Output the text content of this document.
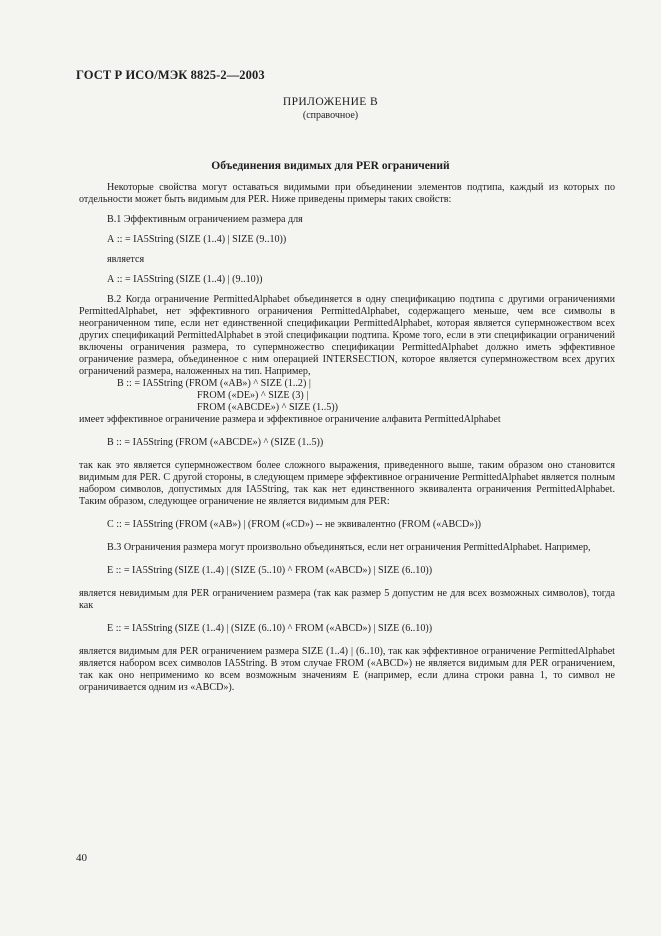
ГОСТ Р ИСО/МЭК 8825-2—2003
ПРИЛОЖЕНИЕ В
(справочное)
Объединения видимых для PER ограничений

Некоторые свойства могут оставаться видимыми при объединении элементов подтипа, каждый из которых по отдельности может быть видимым для PER. Ниже приведены примеры таких свойств:

В.1 Эффективным ограничением размера для

А :: = IA5String (SIZE (1..4) | SIZE (9..10))

является

А :: = IA5String (SIZE (1..4) | (9..10))

В.2 Когда ограничение PermittedAlphabet объединяется в одну спецификацию подтипа с другими ограничениями PermittedAlphabet, нет эффективного ограничения PermittedAlphabet, содержащего меньше, чем все символы в неограниченном типе, если нет единственной спецификации PermittedAlphabet, которая является супермножеством всех других спецификаций PermittedAlphabet в этой спецификации подтипа. Кроме того, если в эти спецификации ограничений включены ограничения размера, то супермножество спецификации PermittedAlphabet должно иметь эффективное ограничение размера, объединенное с ним операцией INTERSECTION, которое является супермножеством всех других ограничений размера, наложенных на тип. Например,

В :: = IA5String (FROM («АВ») ^ SIZE (1..2) |

FROM («DE») ^ SIZE (3) |

FROM («ABCDE») ^ SIZE (1..5))

имеет эффективное ограничение размера и эффективное ограничение алфавита PermittedAlphabet

В :: = IA5String (FROM («ABCDE») ^ (SIZE (1..5))

так как это является супермножеством более сложного выражения, приведенного выше, таким образом оно становится видимым для PER. С другой стороны, в следующем примере эффективное ограничение PermittedAlphabet является полным набором символов, допустимых для IA5String, так как нет единственного эквивалента ограничения PermittedAlphabet. Таким образом, следующее ограничение не является видимым для PER:

С :: = IA5String (FROM («АВ») | (FROM («CD») -- не эквивалентно (FROM («ABCD»))

В.3 Ограничения размера могут произвольно объединяться, если нет ограничения PermittedAlphabet. Например,

Е :: = IA5String (SIZE (1..4) | (SIZE (5..10) ^ FROM («ABCD») | SIZE (6..10))

является невидимым для PER ограничением размера (так как размер 5 допустим не для всех возможных символов), тогда как

Е :: = IA5String (SIZE (1..4) | (SIZE (6..10) ^ FROM («ABCD») | SIZE (6..10))

является видимым для PER ограничением размера SIZE (1..4) | (6..10), так как эффективное ограничение PermittedAlphabet является набором всех символов IA5String. В этом случае FROM («ABCD») не является видимым для PER ограничением, так как оно неприменимо ко всем возможным значениям Е (например, если длина строки равна 1, то символ не ограничивается одним из «ABCD»).

40
